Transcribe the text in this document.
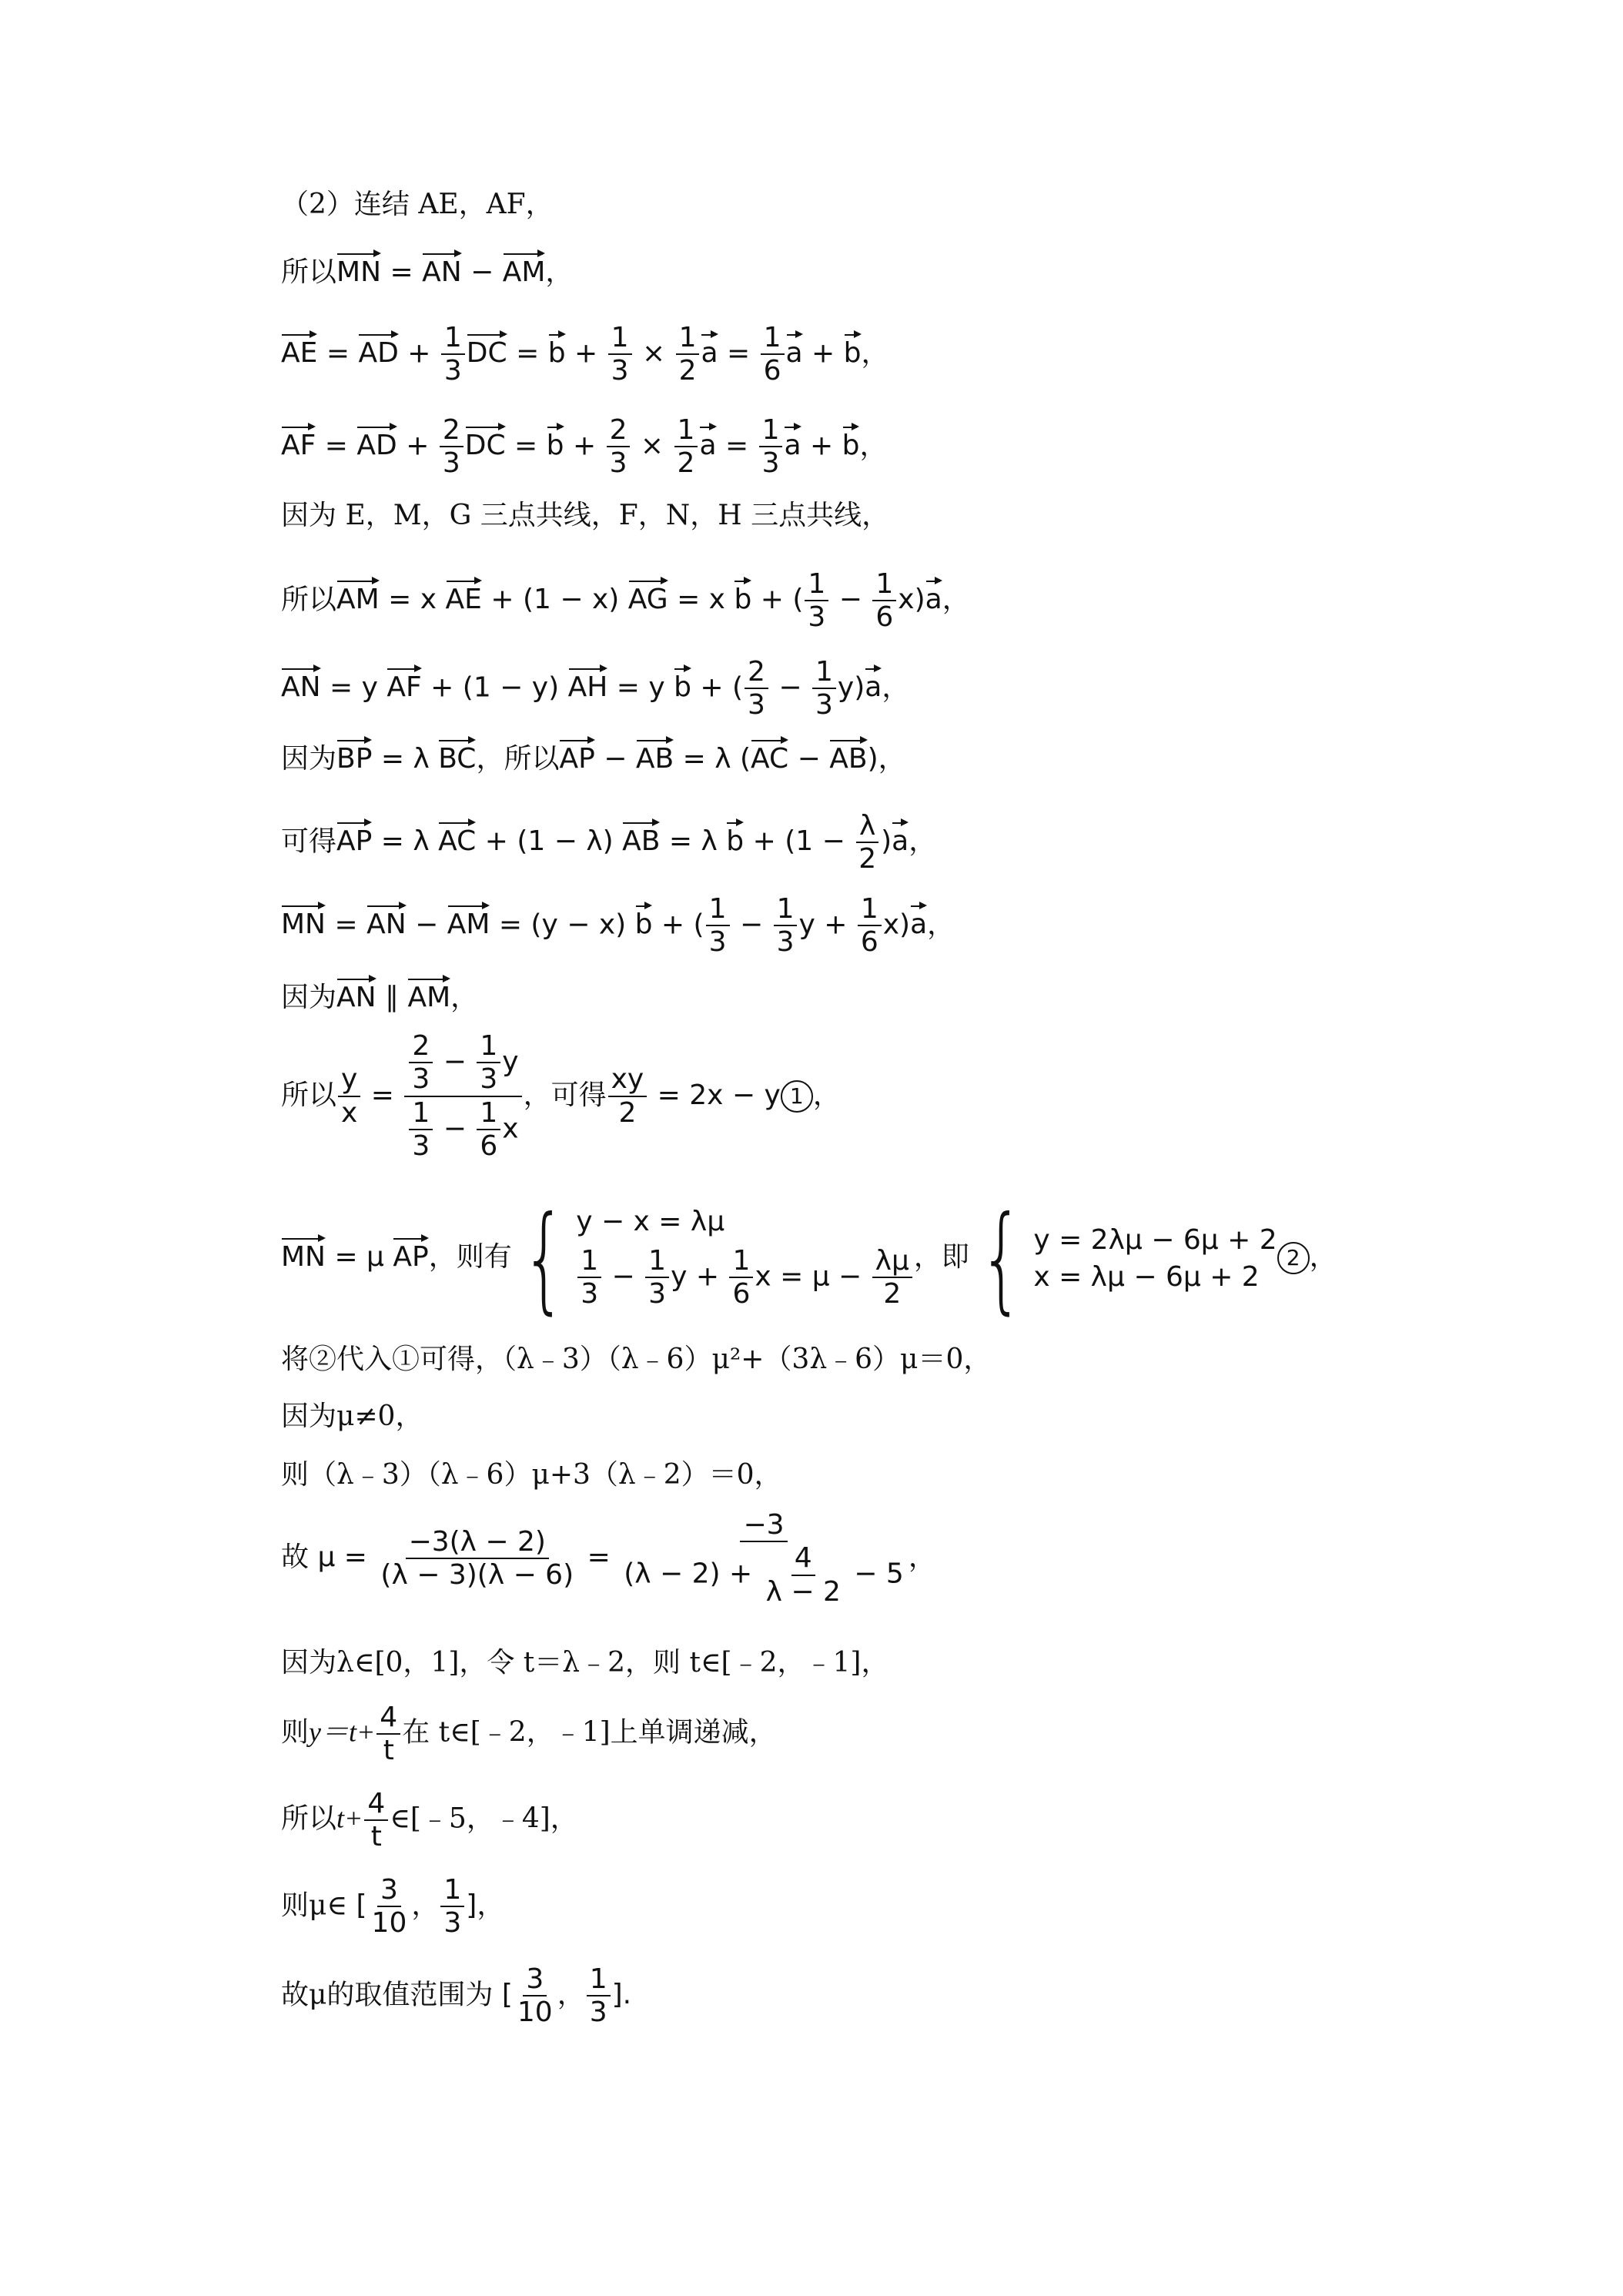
（2）连结 AE，AF，
所以MN = AN − AM，
AE = AD + $\frac{1}{3}$ DC = $b + \frac{1}{3} \times \frac{1}{2}$ $a = \frac{1}{6}$ a + b，
AF = AD + $\frac{2}{3}$ DC = $b + \frac{2}{3} \times \frac{1}{2}$ $a = \frac{1}{3}$ a + b，
因为 E，M，G 三点共线，F，N，H 三点共线，
所以AM = x AE + (1 − x) AG = x b + ( $\frac{1}{3} - \frac{1}{6} x)a$，
AN = y AF + (1 − y) AH = y b + ( $\frac{2}{3} - \frac{1}{3} y)a$，
因为BP = λ BC，所以AP − AB = λ (AC − AB)，
可得AP = λ AC + (1 − λ) AB = λ $b + (1 - \frac{\lambda}{2} )a$，
MN = AN − AM = (y − x) b + ( $\frac{1}{3} - \frac{1}{3}$ $y + \frac{1}{6} x)a$，
因为AN ∥ AM，
所以 $\frac{y}{x} = \frac{\frac{2}{3} - \frac{1}{3} y}{\frac{1}{3} - \frac{1}{6} x}$ ，可得 $\frac{xy}{2} = 2x - y$ 1 ，
MN = μ AP，则有{ y − x = λμ
$\frac{1}{3} - \frac{1}{3}$ $y + \frac{1}{6}$ $x = \mu - \frac{\lambda\mu}{2}$ ，即{ y = 2λμ − 6μ + 2
x = λμ − 6μ + 2
2 ，
将②代入①可得，（λ﹣3）（λ﹣6）μ²+（3λ﹣6）μ＝0，
因为μ≠0，
则（λ﹣3）（λ﹣6）μ+3（λ﹣2）＝0，
故 $\mu = \frac{-3(\lambda - 2)}{(\lambda - 3)(\lambda - 6)} = \frac{-3}{(\lambda - 2) + \frac{4}{\lambda - 2} - 5}$ ，
因为λ∈[0，1]，令 t＝λ﹣2，则 t∈[﹣2，﹣1]，
则$y=t+ \frac{4}{t}$ 在 t∈[﹣2，﹣1]上单调递减，
所以$t+ \frac{4}{t}$ ∈[﹣5，﹣4]，
则μ∈ [ $\frac{3}{10}$ ， $\frac{1}{3}$ ]，
故μ的取值范围为 [ $\frac{3}{10}$ ， $\frac{1}{3}$ ].
